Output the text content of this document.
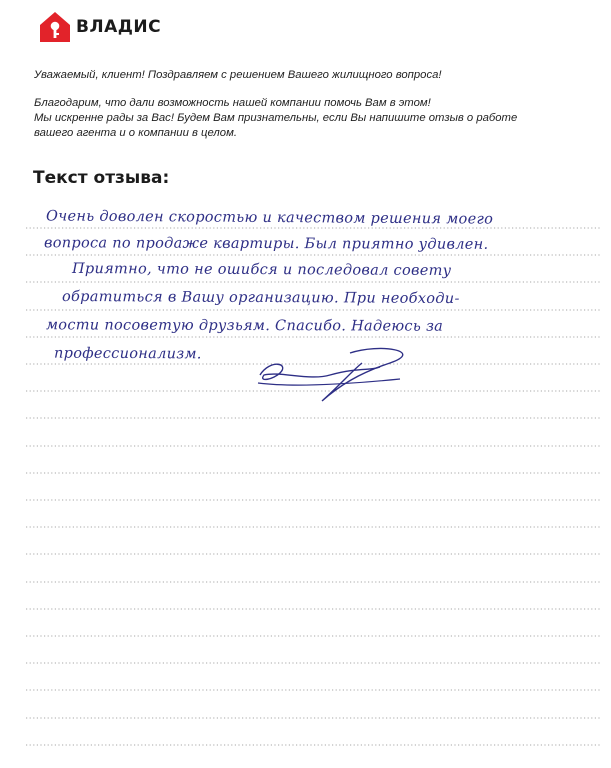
ВЛАДИС

Уважаемый, клиент! Поздравляем с решением Вашего жилищного вопроса!

Благодарим, что дали возможность нашей компании помочь Вам в этом!

Мы искренне рады за Вас! Будем Вам признательны, если Вы напишите отзыв о работе

вашего агента и о компании в целом.

Текст отзыва:
Очень доволен скоростью и качеством решения моего
вопроса по продаже квартиры. Был приятно удивлен.
Приятно, что не ошибся и последовал совету
обратиться в Вашу организацию. При необходи-
мости посоветую друзьям. Спасибо. Надеюсь за
профессионализм.
